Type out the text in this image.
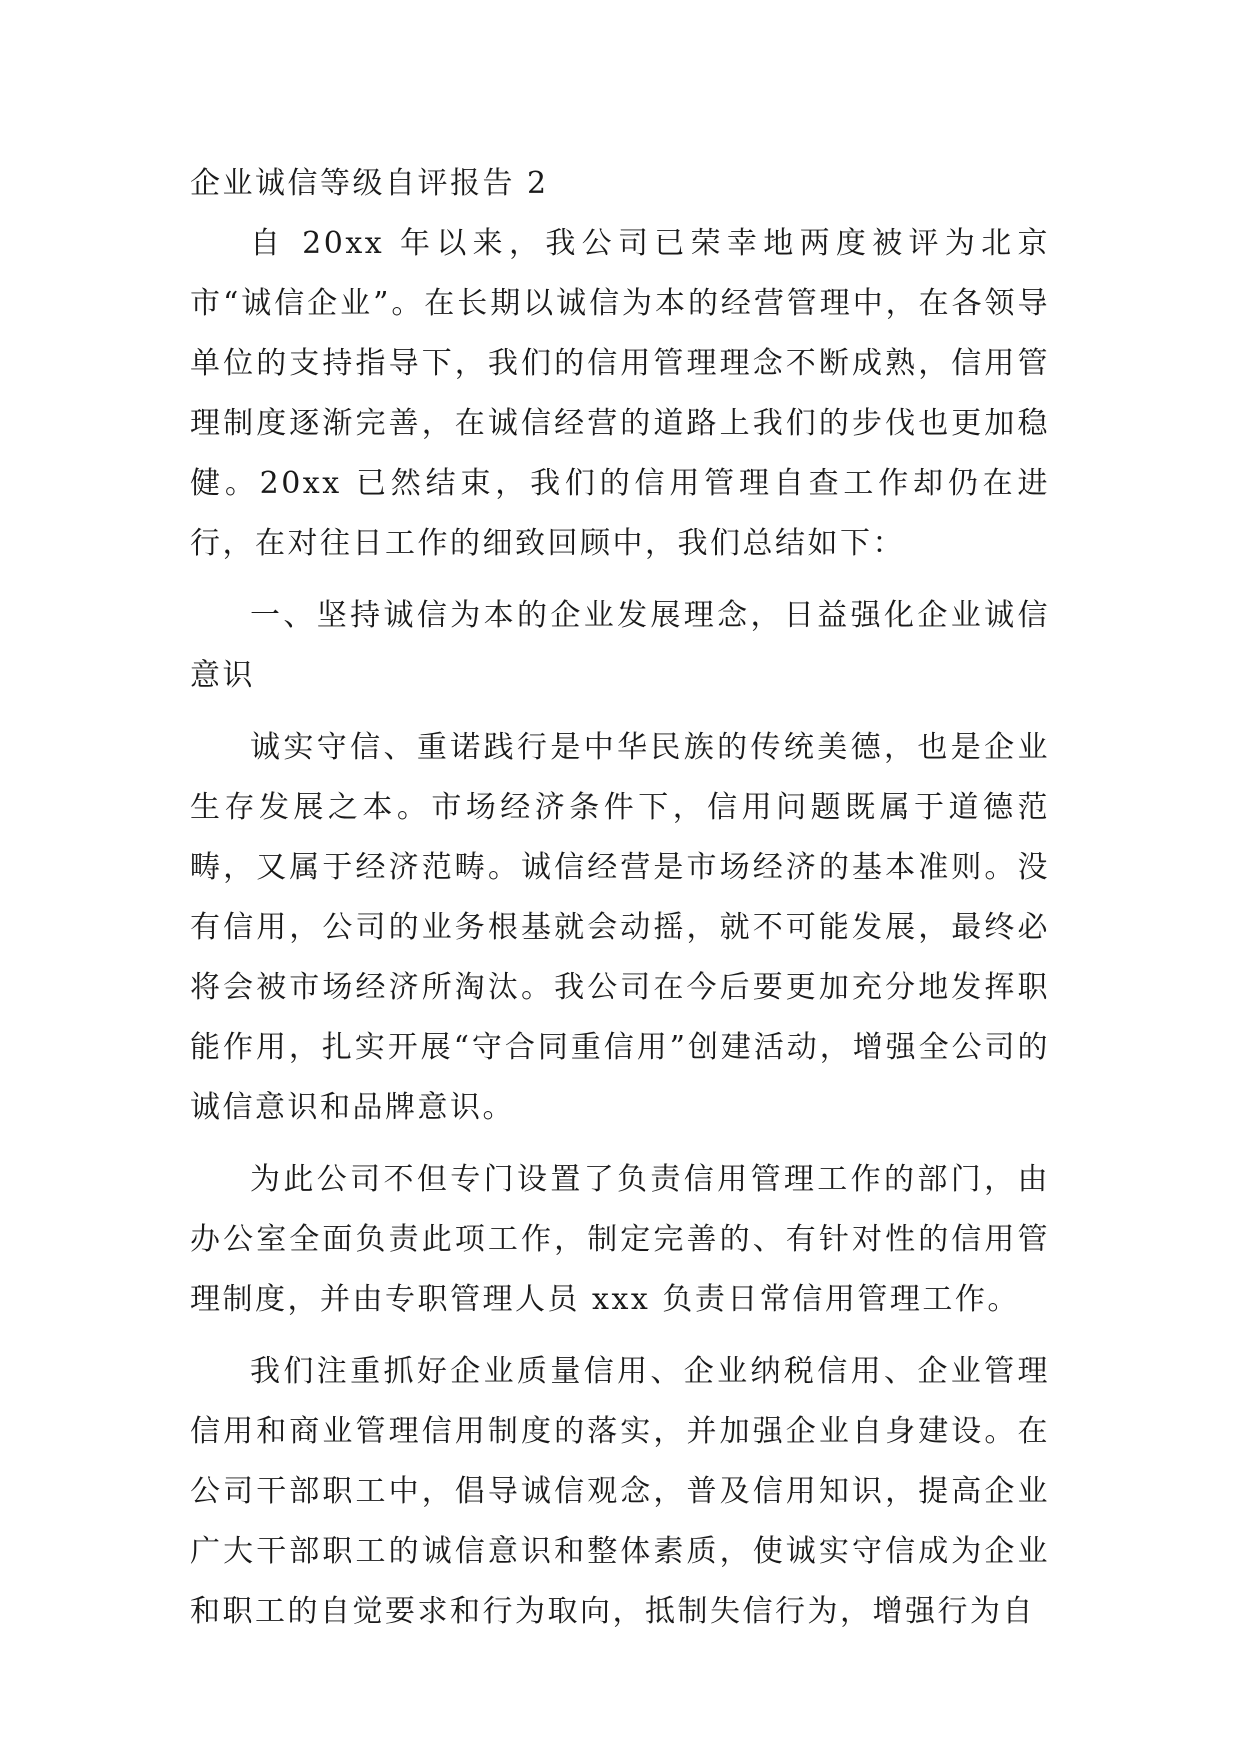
企业诚信等级自评报告 2

自 20xx 年以来，我公司已荣幸地两度被评为北京市“诚信企业”。在长期以诚信为本的经营管理中，在各领导单位的支持指导下，我们的信用管理理念不断成熟，信用管理制度逐渐完善，在诚信经营的道路上我们的步伐也更加稳健。20xx 已然结束，我们的信用管理自查工作却仍在进行，在对往日工作的细致回顾中，我们总结如下：

一、坚持诚信为本的企业发展理念，日益强化企业诚信意识

诚实守信、重诺践行是中华民族的传统美德，也是企业生存发展之本。市场经济条件下，信用问题既属于道德范畴，又属于经济范畴。诚信经营是市场经济的基本准则。没有信用，公司的业务根基就会动摇，就不可能发展，最终必将会被市场经济所淘汰。我公司在今后要更加充分地发挥职能作用，扎实开展“守合同重信用”创建活动，增强全公司的诚信意识和品牌意识。

为此公司不但专门设置了负责信用管理工作的部门，由办公室全面负责此项工作，制定完善的、有针对性的信用管理制度，并由专职管理人员 xxx 负责日常信用管理工作。

我们注重抓好企业质量信用、企业纳税信用、企业管理信用和商业管理信用制度的落实，并加强企业自身建设。在公司干部职工中，倡导诚信观念，普及信用知识，提高企业广大干部职工的诚信意识和整体素质，使诚实守信成为企业和职工的自觉要求和行为取向，抵制失信行为，增强行为自
